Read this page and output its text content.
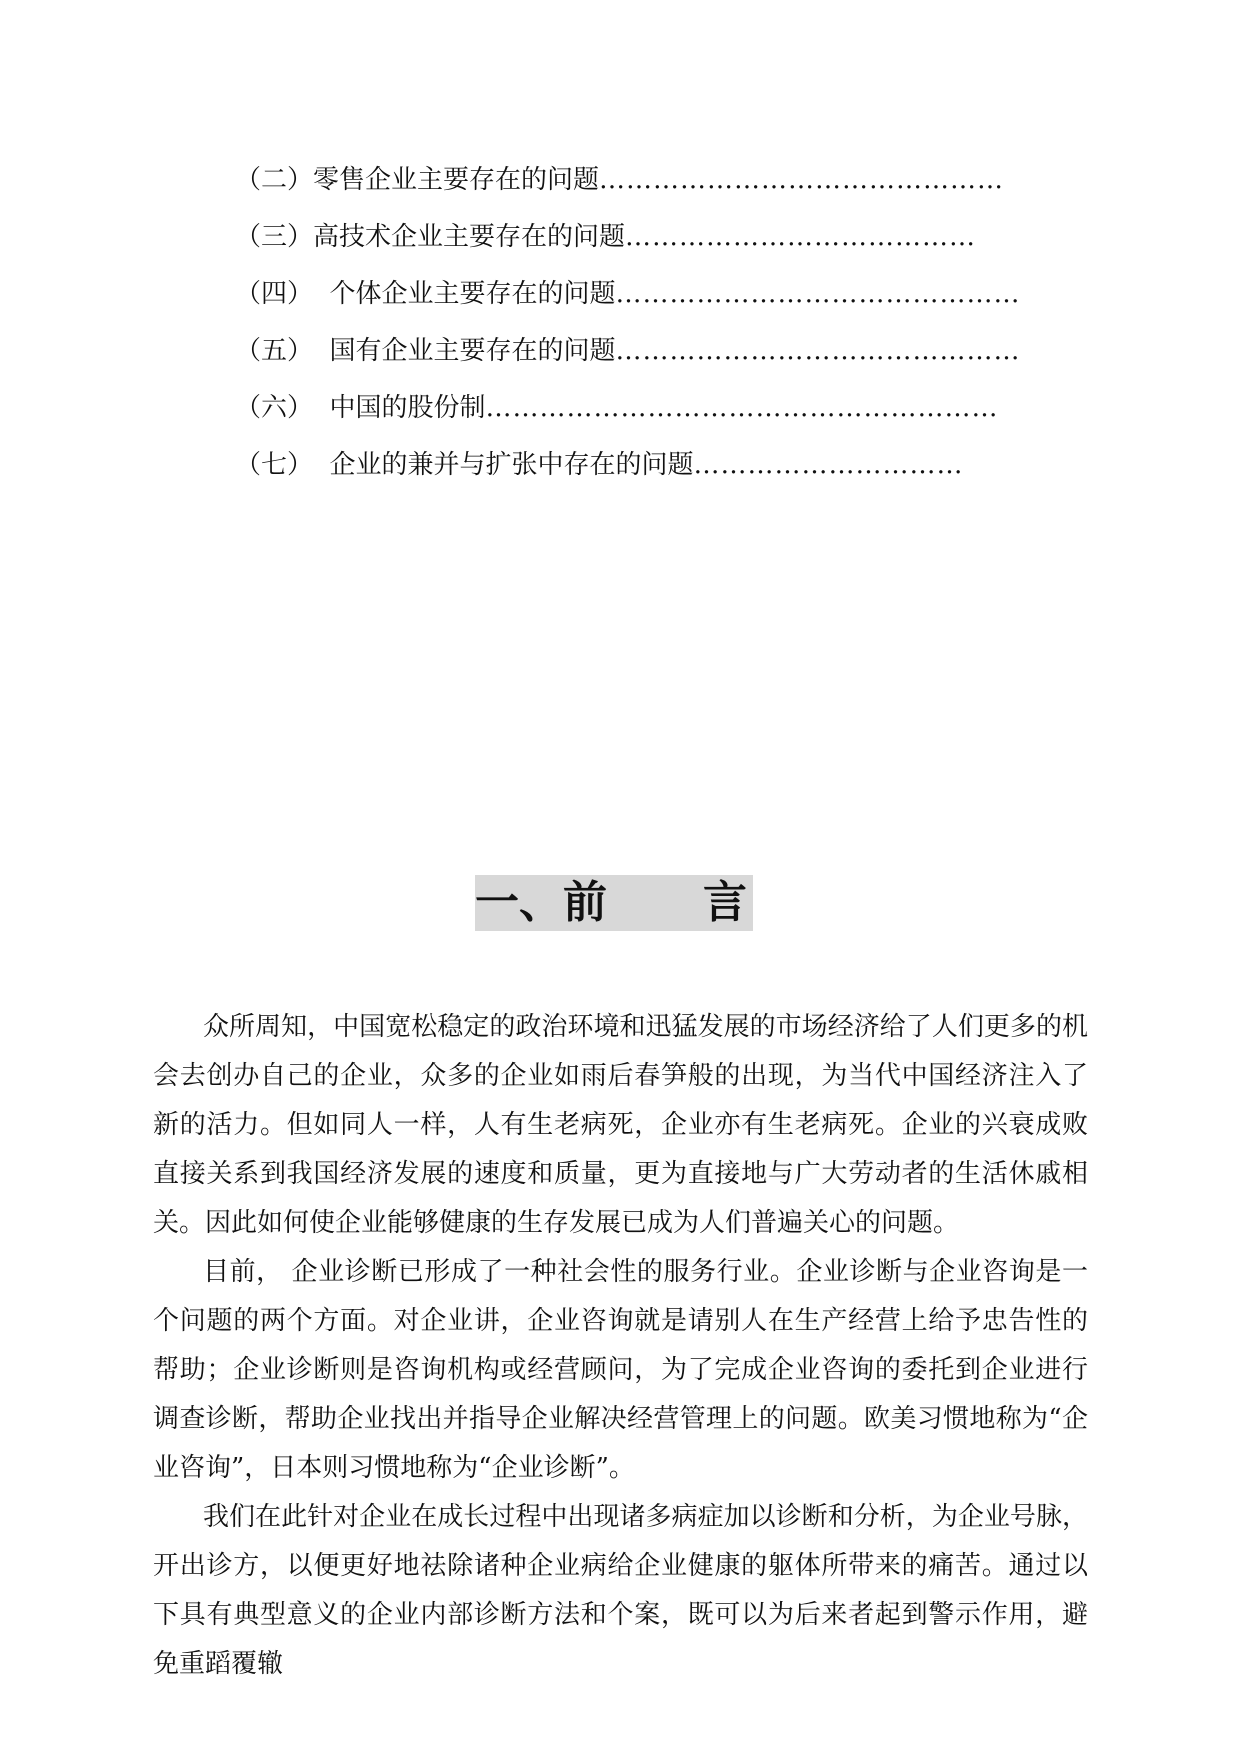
（二）零售企业主要存在的问题………………………………………
（三）高技术企业主要存在的问题…………………………………
（四）  个体企业主要存在的问题………………………………………
（五）  国有企业主要存在的问题………………………………………
（六）  中国的股份制…………………………………………………
（七）  企业的兼并与扩张中存在的问题…………………………
一、前 言

众所周知，中国宽松稳定的政治环境和迅猛发展的市场经济给了人们更多的机会去创办自己的企业，众多的企业如雨后春笋般的出现，为当代中国经济注入了新的活力。但如同人一样，人有生老病死，企业亦有生老病死。企业的兴衰成败直接关系到我国经济发展的速度和质量，更为直接地与广大劳动者的生活休戚相关。因此如何使企业能够健康的生存发展已成为人们普遍关心的问题。

目前， 企业诊断已形成了一种社会性的服务行业。企业诊断与企业咨询是一个问题的两个方面。对企业讲，企业咨询就是请别人在生产经营上给予忠告性的帮助；企业诊断则是咨询机构或经营顾问，为了完成企业咨询的委托到企业进行调查诊断，帮助企业找出并指导企业解决经营管理上的问题。欧美习惯地称为“企业咨询”，日本则习惯地称为“企业诊断”。

我们在此针对企业在成长过程中出现诸多病症加以诊断和分析，为企业号脉，开出诊方，以便更好地祛除诸种企业病给企业健康的躯体所带来的痛苦。通过以下具有典型意义的企业内部诊断方法和个案，既可以为后来者起到警示作用，避免重蹈覆辙
